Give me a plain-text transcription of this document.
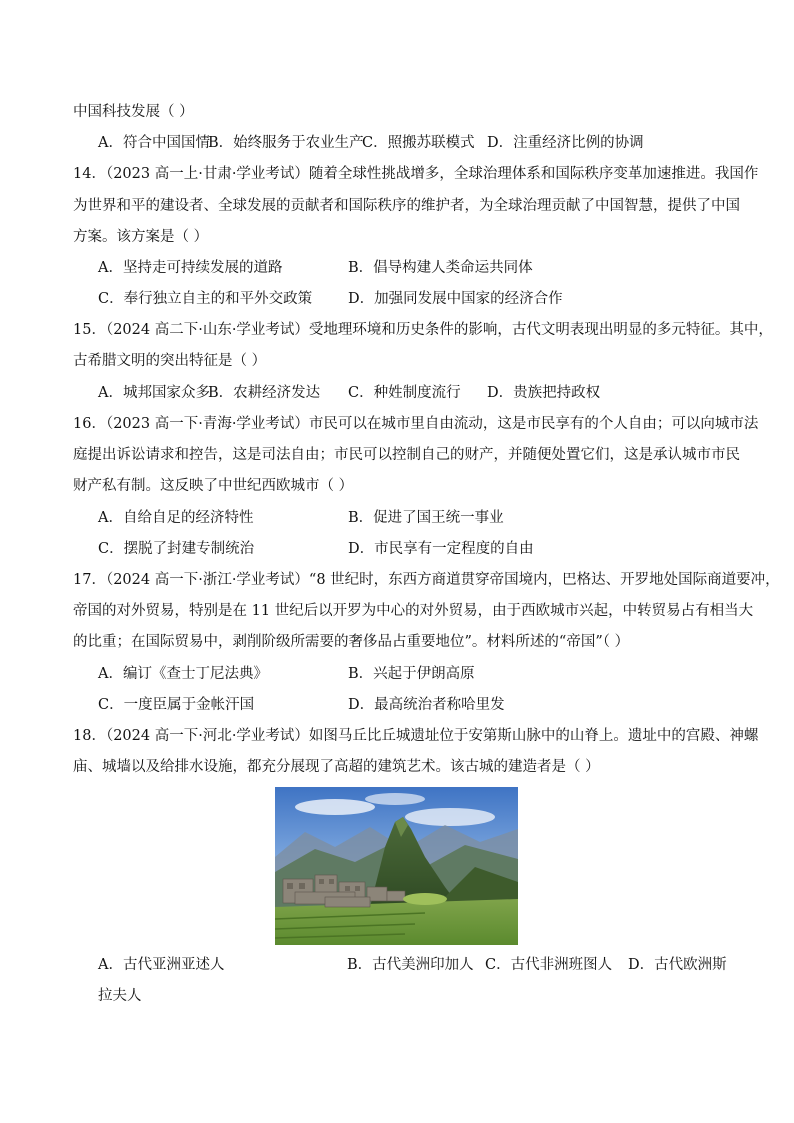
中国科技发展（ ）
A．符合中国国情
B．始终服务于农业生产
C．照搬苏联模式 D．注重经济比例的协调
14．（2023 高一上·甘肃·学业考试）随着全球性挑战增多，全球治理体系和国际秩序变革加速推进。我国作
为世界和平的建设者、全球发展的贡献者和国际秩序的维护者，为全球治理贡献了中国智慧，提供了中国
方案。该方案是（ ）
A．坚持走可持续发展的道路	B．倡导构建人类命运共同体
C．奉行独立自主的和平外交政策 D．加强同发展中国家的经济合作
15．（2024 高二下·山东·学业考试）受地理环境和历史条件的影响，古代文明表现出明显的多元特征。其中，
古希腊文明的突出特征是（ ）
A．城邦国家众多
B．农耕经济发达 C．种姓制度流行 D．贵族把持政权
16．（2023 高一下·青海·学业考试）市民可以在城市里自由流动，这是市民享有的个人自由；可以向城市法
庭提出诉讼请求和控告，这是司法自由；市民可以控制自己的财产，并随便处置它们，这是承认城市市民
财产私有制。这反映了中世纪西欧城市（ ）
A．自给自足的经济特性	B．促进了国王统一事业
C．摆脱了封建专制统治	D．市民享有一定程度的自由
17．（2024 高一下·浙江·学业考试）“8 世纪时，东西方商道贯穿帝国境内，巴格达、开罗地处国际商道要冲，
帝国的对外贸易，特别是在 11 世纪后以开罗为中心的对外贸易，由于西欧城市兴起，中转贸易占有相当大
的比重；在国际贸易中，剥削阶级所需要的奢侈品占重要地位”。材料所述的“帝国”（ ）
A．编订《查士丁尼法典》	B．兴起于伊朗高原
C．一度臣属于金帐汗国	D．最高统治者称哈里发
18．（2024 高一下·河北·学业考试）如图马丘比丘城遗址位于安第斯山脉中的山脊上。遗址中的宫殿、神螺
庙、城墙以及给排水设施，都充分展现了高超的建筑艺术。该古城的建造者是（ ）
A．古代亚洲亚述人	B．古代美洲印加人 C．古代非洲班图人 D．古代欧洲斯
拉夫人
